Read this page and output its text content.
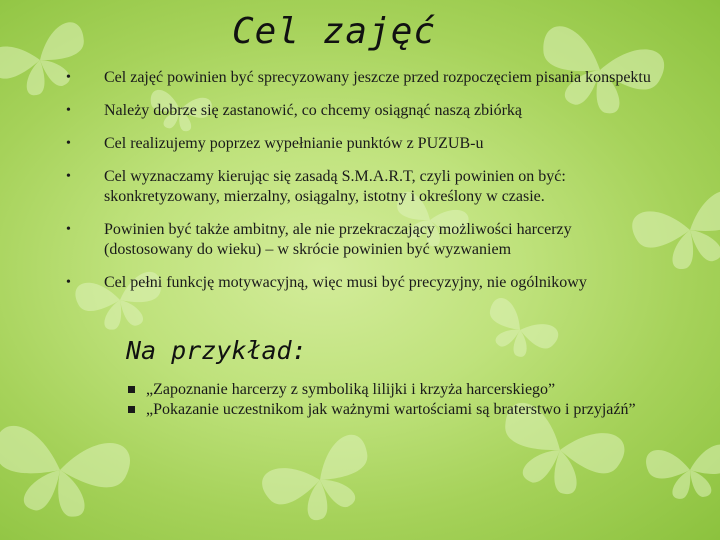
Cel zajęć
• Cel zajęć powinien być sprecyzowany jeszcze przed rozpoczęciem pisania konspektu
• Należy dobrze się zastanowić, co chcemy osiągnąć naszą zbiórką
• Cel realizujemy poprzez wypełnianie punktów z PUZUB-u
• Cel wyznaczamy kierując się zasadą S.M.A.R.T, czyli powinien on być: skonkretyzowany, mierzalny, osiągalny, istotny i określony w czasie.
• Powinien być także ambitny, ale nie przekraczający możliwości harcerzy (dostosowany do wieku) – w skrócie powinien być wyzwaniem
• Cel pełni funkcję motywacyjną, więc musi być precyzyjny, nie ogólnikowy
Na przykład:
„Zapoznanie harcerzy z symboliką lilijki i krzyża harcerskiego”
„Pokazanie uczestnikom jak ważnymi wartościami są braterstwo i przyjaźń”
